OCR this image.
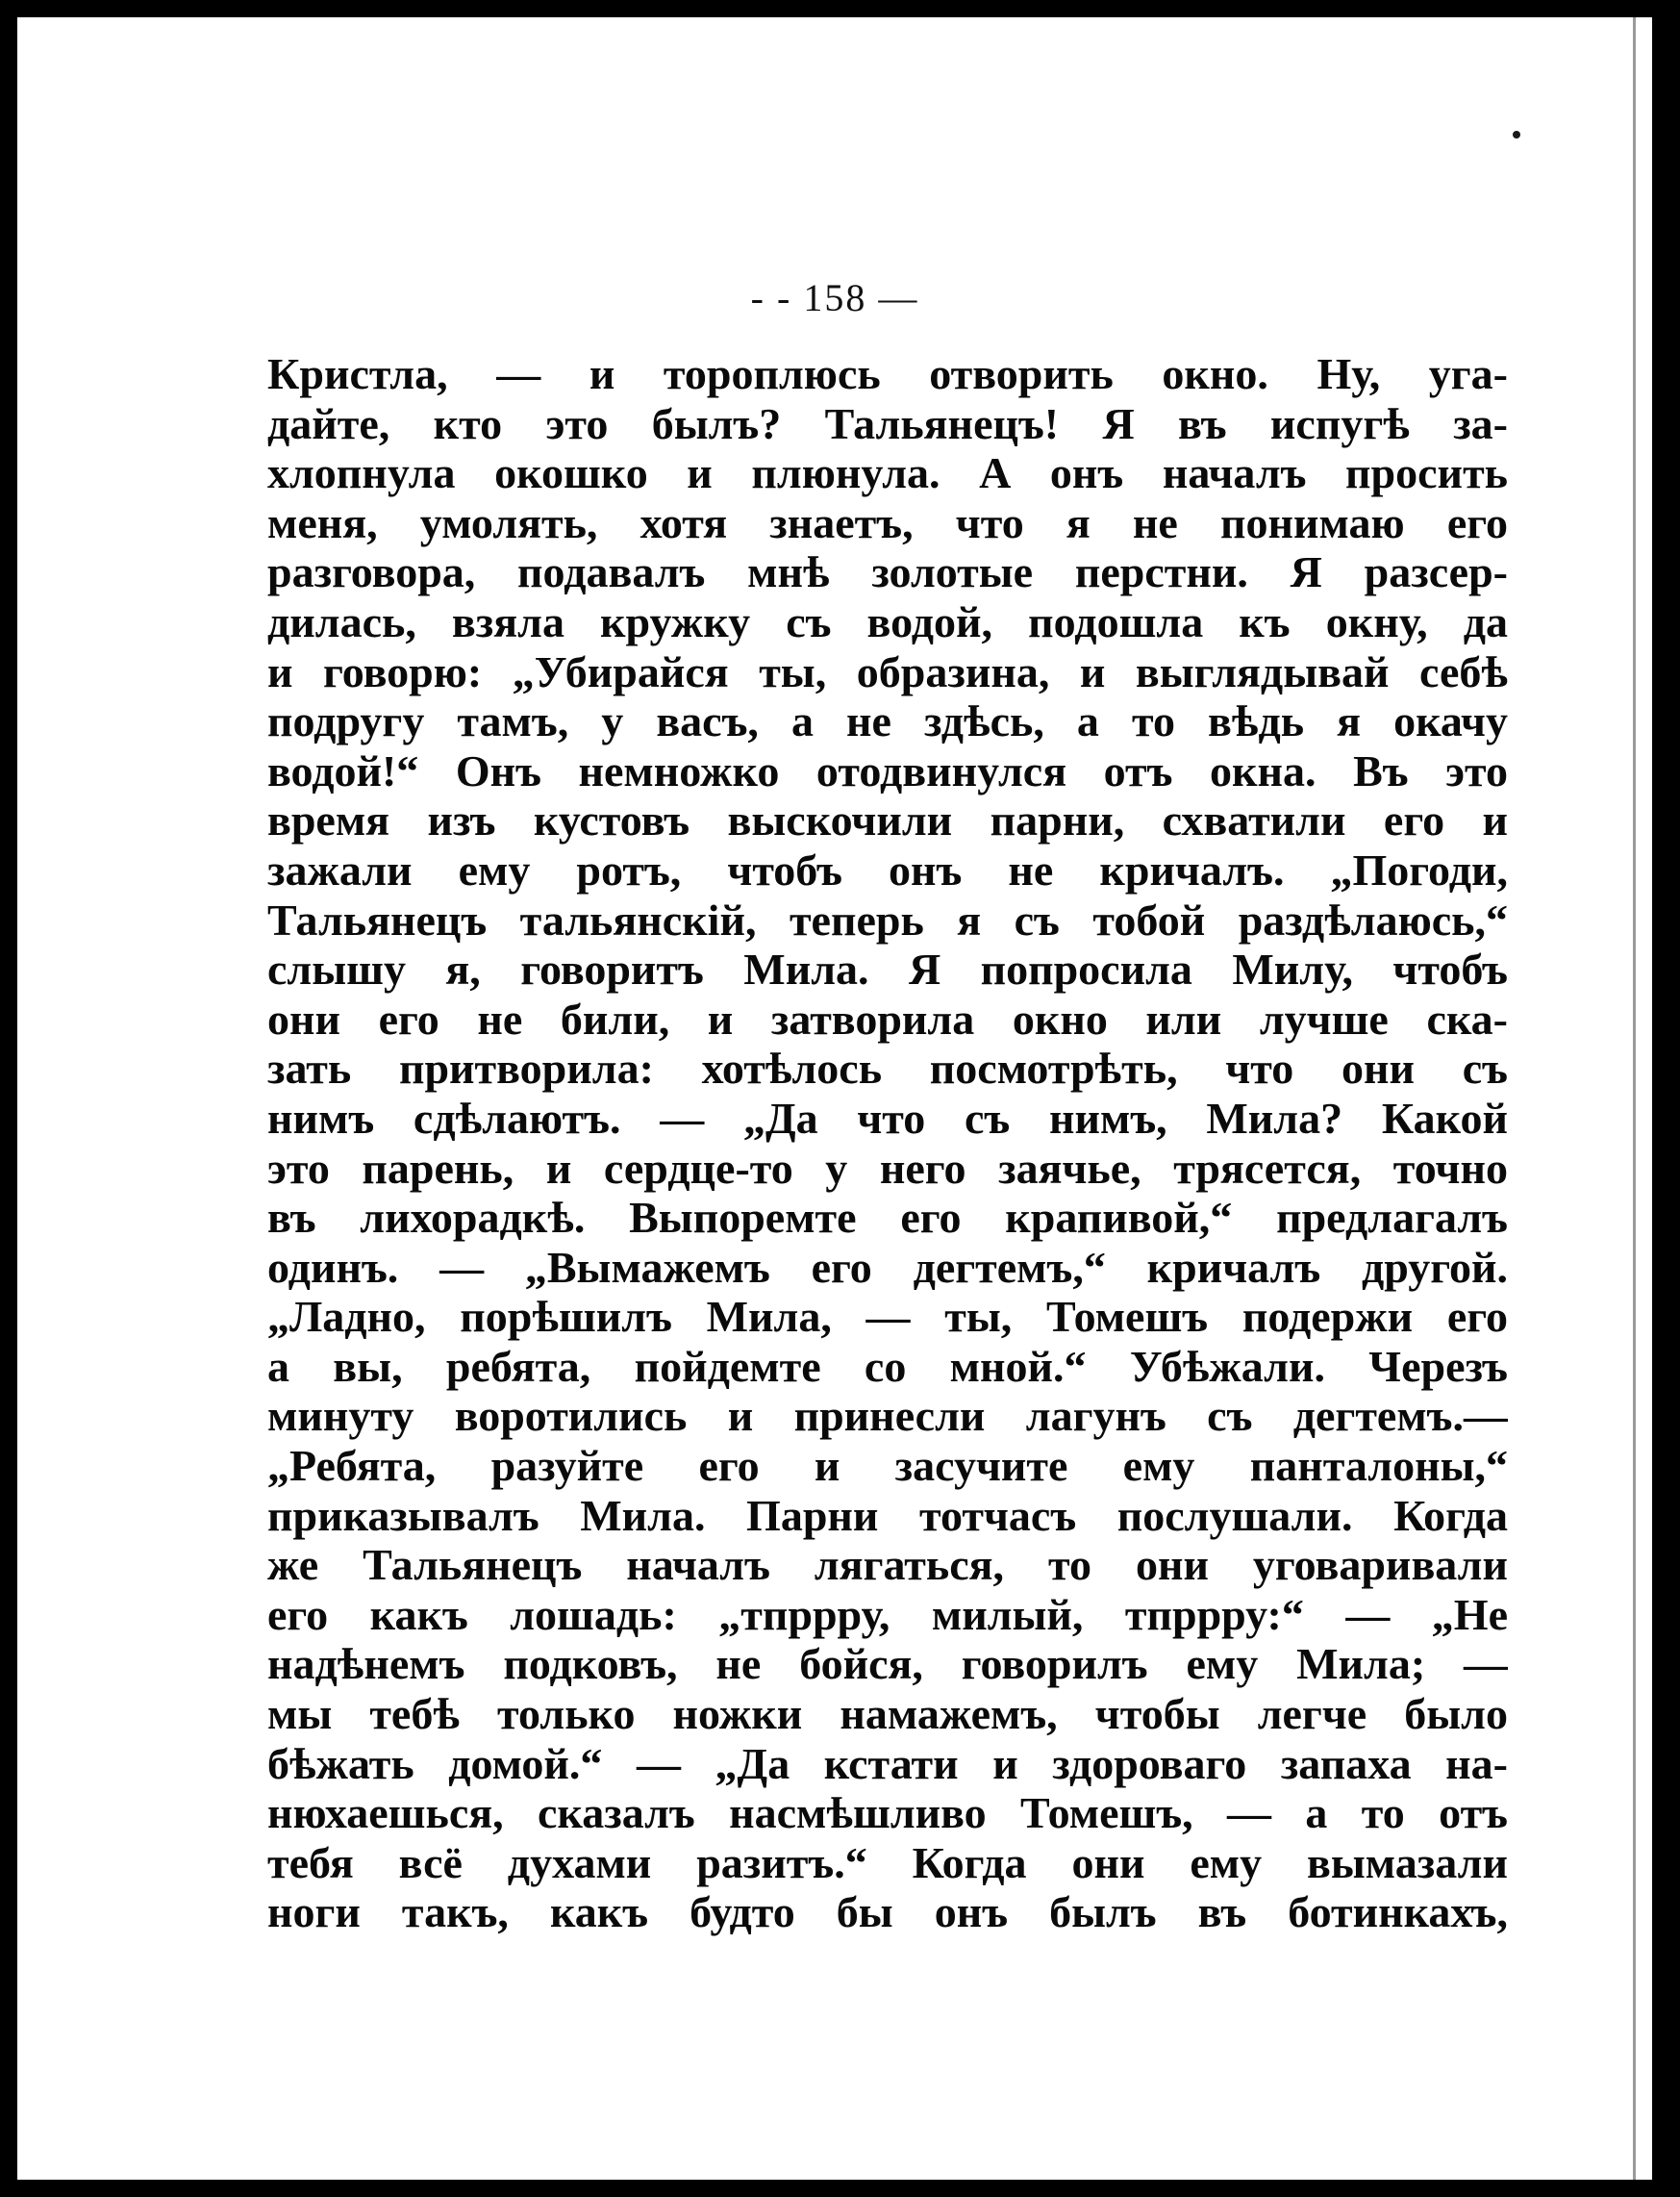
- - 158 —
Кристла, — и тороплюсь отворить окно. Ну, уга-
дайте, кто это былъ? Тальянецъ! Я въ испугѣ за-
хлопнула окошко и плюнула. А онъ началъ просить
меня, умолять, хотя знаетъ, что я не понимаю его
разговора, подавалъ мнѣ золотые перстни. Я разсер-
дилась, взяла кружку съ водой, подошла къ окну, да
и говорю: „Убирайся ты, образина, и выглядывай себѣ
подругу тамъ, у васъ, а не здѣсь, а то вѣдь я окачу
водой!“ Онъ немножко отодвинулся отъ окна. Въ это
время изъ кустовъ выскочили парни, схватили его и
зажали ему ротъ, чтобъ онъ не кричалъ. „Погоди,
Тальянецъ тальянскій, теперь я съ тобой раздѣлаюсь,“
слышу я, говоритъ Мила. Я попросила Милу, чтобъ
они его не били, и затворила окно или лучше ска-
зать притворила: хотѣлось посмотрѣть, что они съ
нимъ сдѣлаютъ. — „Да что съ нимъ, Мила? Какой
это парень, и сердце-то у него заячье, трясется, точно
въ лихорадкѣ. Выпоремте его крапивой,“ предлагалъ
одинъ. — „Вымажемъ его дегтемъ,“ кричалъ другой.
„Ладно, порѣшилъ Мила, — ты, Томешъ подержи его
а вы, ребята, пойдемте со мной.“ Убѣжали. Черезъ
минуту воротились и принесли лагунъ съ дегтемъ.—
„Ребята, разуйте его и засучите ему панталоны,“
приказывалъ Мила. Парни тотчасъ послушали. Когда
же Тальянецъ началъ лягаться, то они уговаривали
его какъ лошадь: „тпррру, милый, тпррру:“ — „Не
надѣнемъ подковъ, не бойся, говорилъ ему Мила; —
мы тебѣ только ножки намажемъ, чтобы легче было
бѣжать домой.“ — „Да кстати и здороваго запаха на-
нюхаешься, сказалъ насмѣшливо Томешъ, — а то отъ
тебя всё духами разитъ.“ Когда они ему вымазали
ноги такъ, какъ будто бы онъ былъ въ ботинкахъ,
